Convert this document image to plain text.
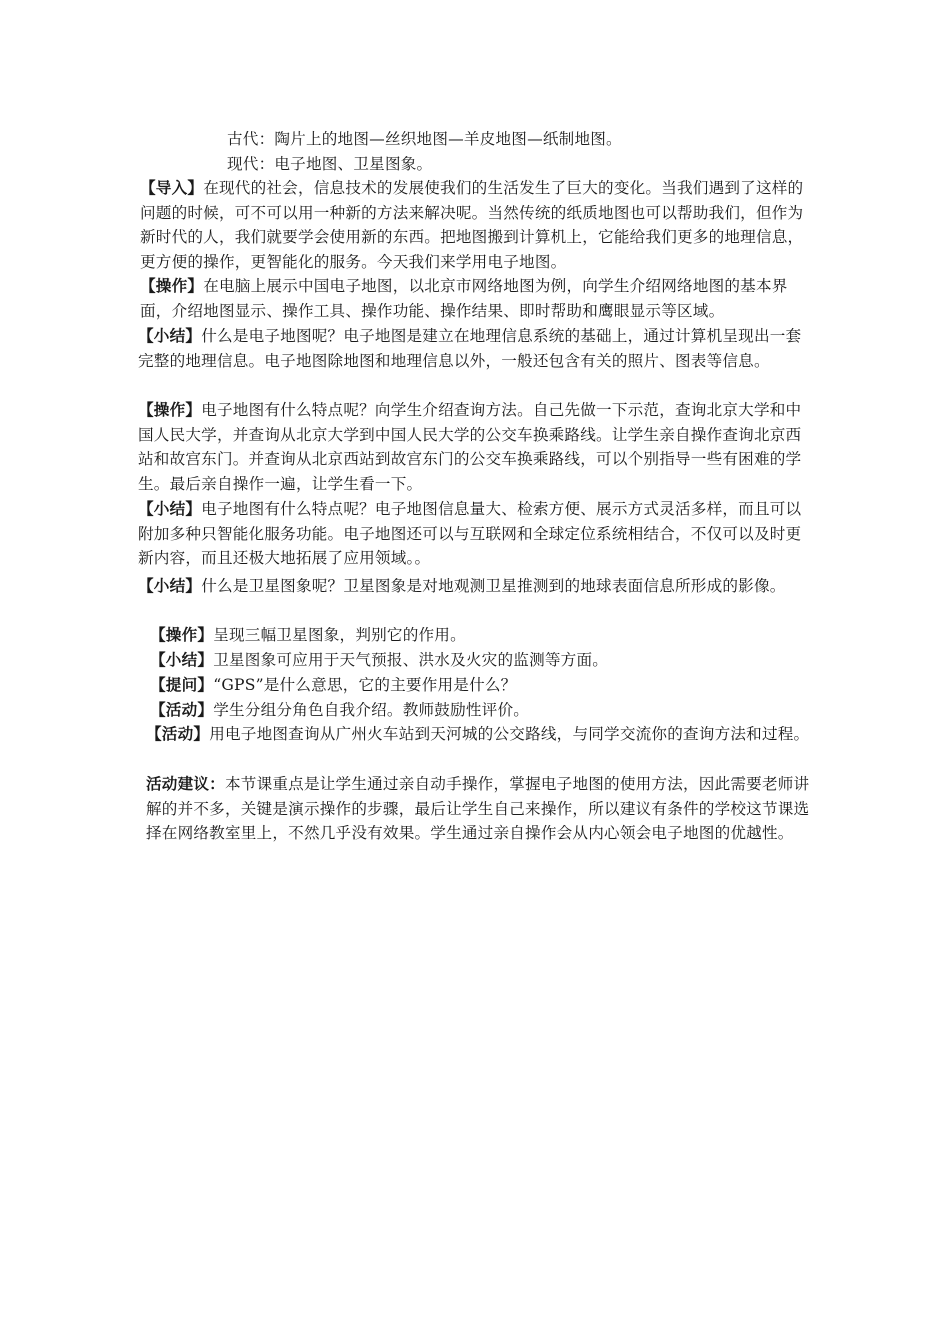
古代：陶片上的地图—丝织地图—羊皮地图—纸制地图。
现代：电子地图、卫星图象。
【导入】在现代的社会，信息技术的发展使我们的生活发生了巨大的变化。当我们遇到了这样的问题的时候，可不可以用一种新的方法来解决呢。当然传统的纸质地图也可以帮助我们，但作为新时代的人，我们就要学会使用新的东西。把地图搬到计算机上，它能给我们更多的地理信息，更方便的操作，更智能化的服务。今天我们来学用电子地图。
【操作】在电脑上展示中国电子地图，以北京市网络地图为例，向学生介绍网络地图的基本界面，介绍地图显示、操作工具、操作功能、操作结果、即时帮助和鹰眼显示等区域。
【小结】什么是电子地图呢？电子地图是建立在地理信息系统的基础上，通过计算机呈现出一套完整的地理信息。电子地图除地图和地理信息以外，一般还包含有关的照片、图表等信息。
【操作】电子地图有什么特点呢？向学生介绍查询方法。自己先做一下示范，查询北京大学和中国人民大学，并查询从北京大学到中国人民大学的公交车换乘路线。让学生亲自操作查询北京西站和故宫东门。并查询从北京西站到故宫东门的公交车换乘路线，可以个别指导一些有困难的学生。最后亲自操作一遍，让学生看一下。
【小结】电子地图有什么特点呢？电子地图信息量大、检索方便、展示方式灵活多样，而且可以附加多种只智能化服务功能。电子地图还可以与互联网和全球定位系统相结合，不仅可以及时更新内容，而且还极大地拓展了应用领域。。
【小结】什么是卫星图象呢？卫星图象是对地观测卫星推测到的地球表面信息所形成的影像。
【操作】呈现三幅卫星图象，判别它的作用。
【小结】卫星图象可应用于天气预报、洪水及火灾的监测等方面。
【提问】“GPS”是什么意思，它的主要作用是什么？
【活动】学生分组分角色自我介绍。教师鼓励性评价。
【活动】用电子地图查询从广州火车站到天河城的公交路线，与同学交流你的查询方法和过程。
活动建议：本节课重点是让学生通过亲自动手操作，掌握电子地图的使用方法，因此需要老师讲解的并不多，关键是演示操作的步骤，最后让学生自己来操作，所以建议有条件的学校这节课选择在网络教室里上，不然几乎没有效果。学生通过亲自操作会从内心领会电子地图的优越性。
